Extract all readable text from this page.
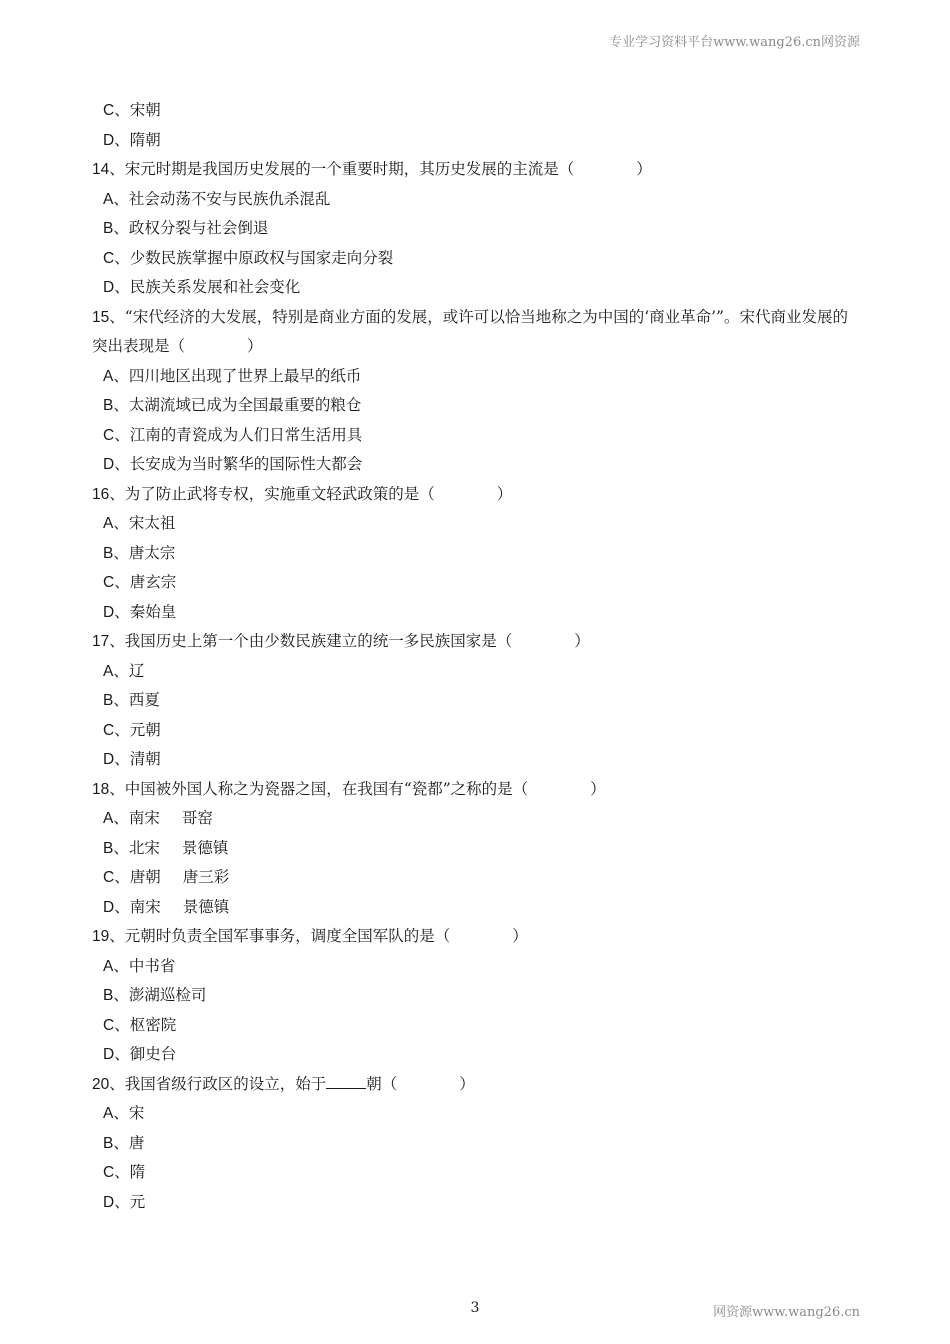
专业学习资料平台www.wang26.cn网资源
C、宋朝
D、隋朝
14、宋元时期是我国历史发展的一个重要时期，其历史发展的主流是（　　　　）
A、社会动荡不安与民族仇杀混乱
B、政权分裂与社会倒退
C、少数民族掌握中原政权与国家走向分裂
D、民族关系发展和社会变化
15、“宋代经济的大发展，特别是商业方面的发展，或许可以恰当地称之为中国的‘商业革命’”。宋代商业发展的突出表现是（　　　　）
A、四川地区出现了世界上最早的纸币
B、太湖流域已成为全国最重要的粮仓
C、江南的青瓷成为人们日常生活用具
D、长安成为当时繁华的国际性大都会
16、为了防止武将专权，实施重文轻武政策的是（　　　　）
A、宋太祖
B、唐太宗
C、唐玄宗
D、秦始皇
17、我国历史上第一个由少数民族建立的统一多民族国家是（　　　　）
A、辽
B、西夏
C、元朝
D、清朝
18、中国被外国人称之为瓷器之国，在我国有“瓷都”之称的是（　　　　）
A、南宋 哥窑
B、北宋 景德镇
C、唐朝 唐三彩
D、南宋 景德镇
19、元朝时负责全国军事事务，调度全国军队的是（　　　　）
A、中书省
B、澎湖巡检司
C、枢密院
D、御史台
20、我国省级行政区的设立，始于	朝（　　　　）
A、宋
B、唐
C、隋
D、元
3	网资源www.wang26.cn
